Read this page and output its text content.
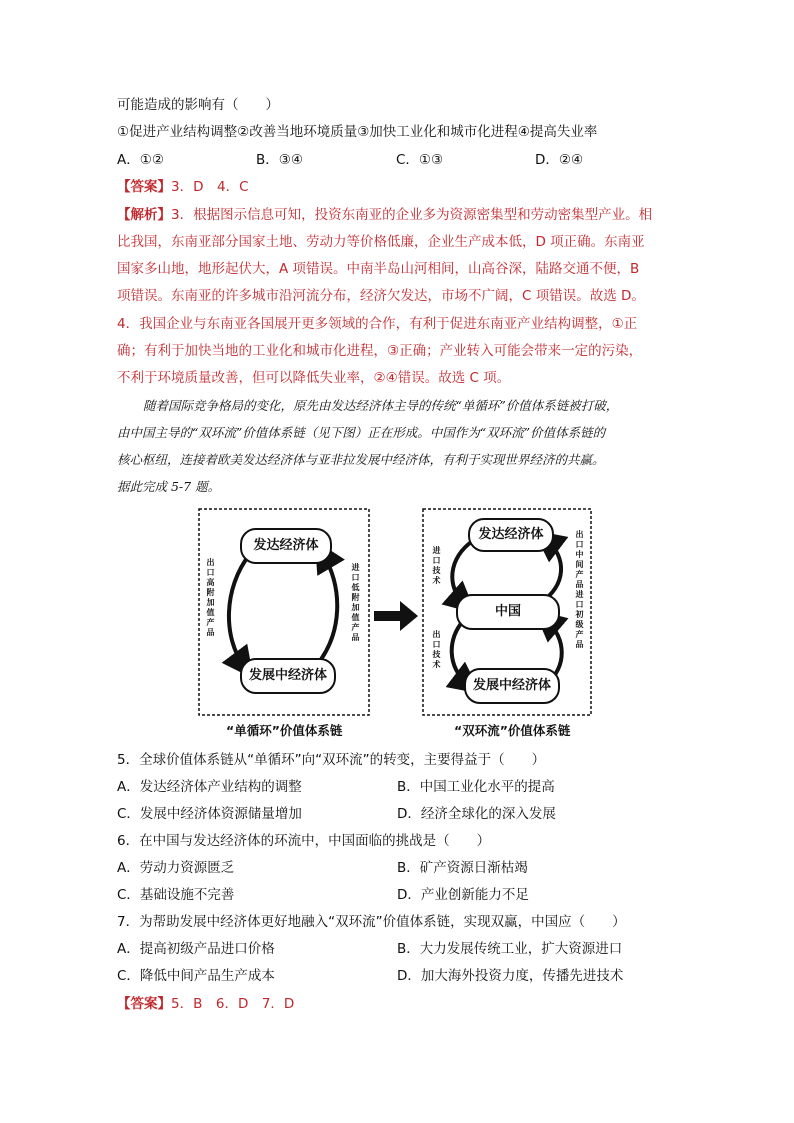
可能造成的影响有（　　）
①促进产业结构调整②改善当地环境质量③加快工业化和城市化进程④提高失业率
A．①②	B．③④	C．①③	D．②④
【答案】3．D　4．C
【解析】3．根据图示信息可知，投资东南亚的企业多为资源密集型和劳动密集型产业。相
比我国，东南亚部分国家土地、劳动力等价格低廉，企业生产成本低，D 项正确。东南亚
国家多山地，地形起伏大，A 项错误。中南半岛山河相间，山高谷深，陆路交通不便，B
项错误。东南亚的许多城市沿河流分布，经济欠发达，市场不广阔，C 项错误。故选 D。
4．我国企业与东南亚各国展开更多领域的合作，有利于促进东南亚产业结构调整，①正
确；有利于加快当地的工业化和城市化进程，③正确；产业转入可能会带来一定的污染，
不利于环境质量改善，但可以降低失业率，②④错误。故选 C 项。
随着国际竞争格局的变化，原先由发达经济体主导的传统“单循环”价值体系链被打破，
由中国主导的“双环流”价值体系链（见下图）正在形成。中国作为“双环流”价值体系链的
核心枢纽，连接着欧美发达经济体与亚非拉发展中经济体，有利于实现世界经济的共赢。
据此完成 5-7 题。
发达经济体
发展中经济体
出口高附加值产品
进口低附加值产品
“单循环”价值体系链
发达经济体
中国
发展中经济体
进口技术
出口技术
出口中间产品进口初级产品
“双环流”价值体系链
5．全球价值体系链从“单循环”向“双环流”的转变，主要得益于（　　）
A．发达经济体产业结构的调整	B．中国工业化水平的提高
C．发展中经济体资源储量增加	D．经济全球化的深入发展
6．在中国与发达经济体的环流中，中国面临的挑战是（　　）
A．劳动力资源匮乏	B．矿产资源日渐枯竭
C．基础设施不完善	D．产业创新能力不足
7．为帮助发展中经济体更好地融入“双环流”价值体系链，实现双赢，中国应（　　）
A．提高初级产品进口价格	B．大力发展传统工业，扩大资源进口
C．降低中间产品生产成本	D．加大海外投资力度，传播先进技术
【答案】5．B　6．D　7．D
